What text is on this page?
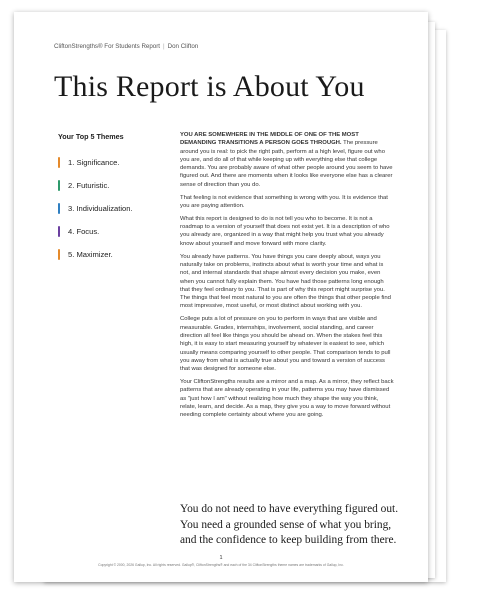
CliftonStrengths® For Students Report | Don Clifton
This Report is About You
Your Top 5 Themes
1. Significance.
2. Futuristic.
3. Individualization.
4. Focus.
5. Maximizer.

YOU ARE SOMEWHERE IN THE MIDDLE OF ONE OF THE MOST DEMANDING TRANSITIONS A PERSON GOES THROUGH. The pressure around you is real: to pick the right path, perform at a high level, figure out who you are, and do all of that while keeping up with everything else that college demands. You are probably aware of what other people around you seem to have figured out. And there are moments when it looks like everyone else has a clearer sense of direction than you do.

That feeling is not evidence that something is wrong with you. It is evidence that you are paying attention.

What this report is designed to do is not tell you who to become. It is not a roadmap to a version of yourself that does not exist yet. It is a description of who you already are, organized in a way that might help you trust what you already know about yourself and move forward with more clarity.

You already have patterns. You have things you care deeply about, ways you naturally take on problems, instincts about what is worth your time and what is not, and internal standards that shape almost every decision you make, even when you cannot fully explain them. You have had those patterns long enough that they feel ordinary to you. That is part of why this report might surprise you. The things that feel most natural to you are often the things that other people find most impressive, most useful, or most distinct about working with you.

College puts a lot of pressure on you to perform in ways that are visible and measurable. Grades, internships, involvement, social standing, and career direction all feel like things you should be ahead on. When the stakes feel this high, it is easy to start measuring yourself by whatever is easiest to see, which usually means comparing yourself to other people. That comparison tends to pull you away from what is actually true about you and toward a version of success that was designed for someone else.

Your CliftonStrengths results are a mirror and a map. As a mirror, they reflect back patterns that are already operating in your life, patterns you may have dismissed as "just how I am" without realizing how much they shape the way you think, relate, learn, and decide. As a map, they give you a way to move forward without needing complete certainty about where you are going.

You do not need to have everything figured out. You need a grounded sense of what you bring, and the confidence to keep building from there.

1
Copyright © 2000, 2026 Gallup, Inc. All rights reserved. Gallup®, CliftonStrengths® and each of the 34 CliftonStrengths theme names are trademarks of Gallup, Inc.
